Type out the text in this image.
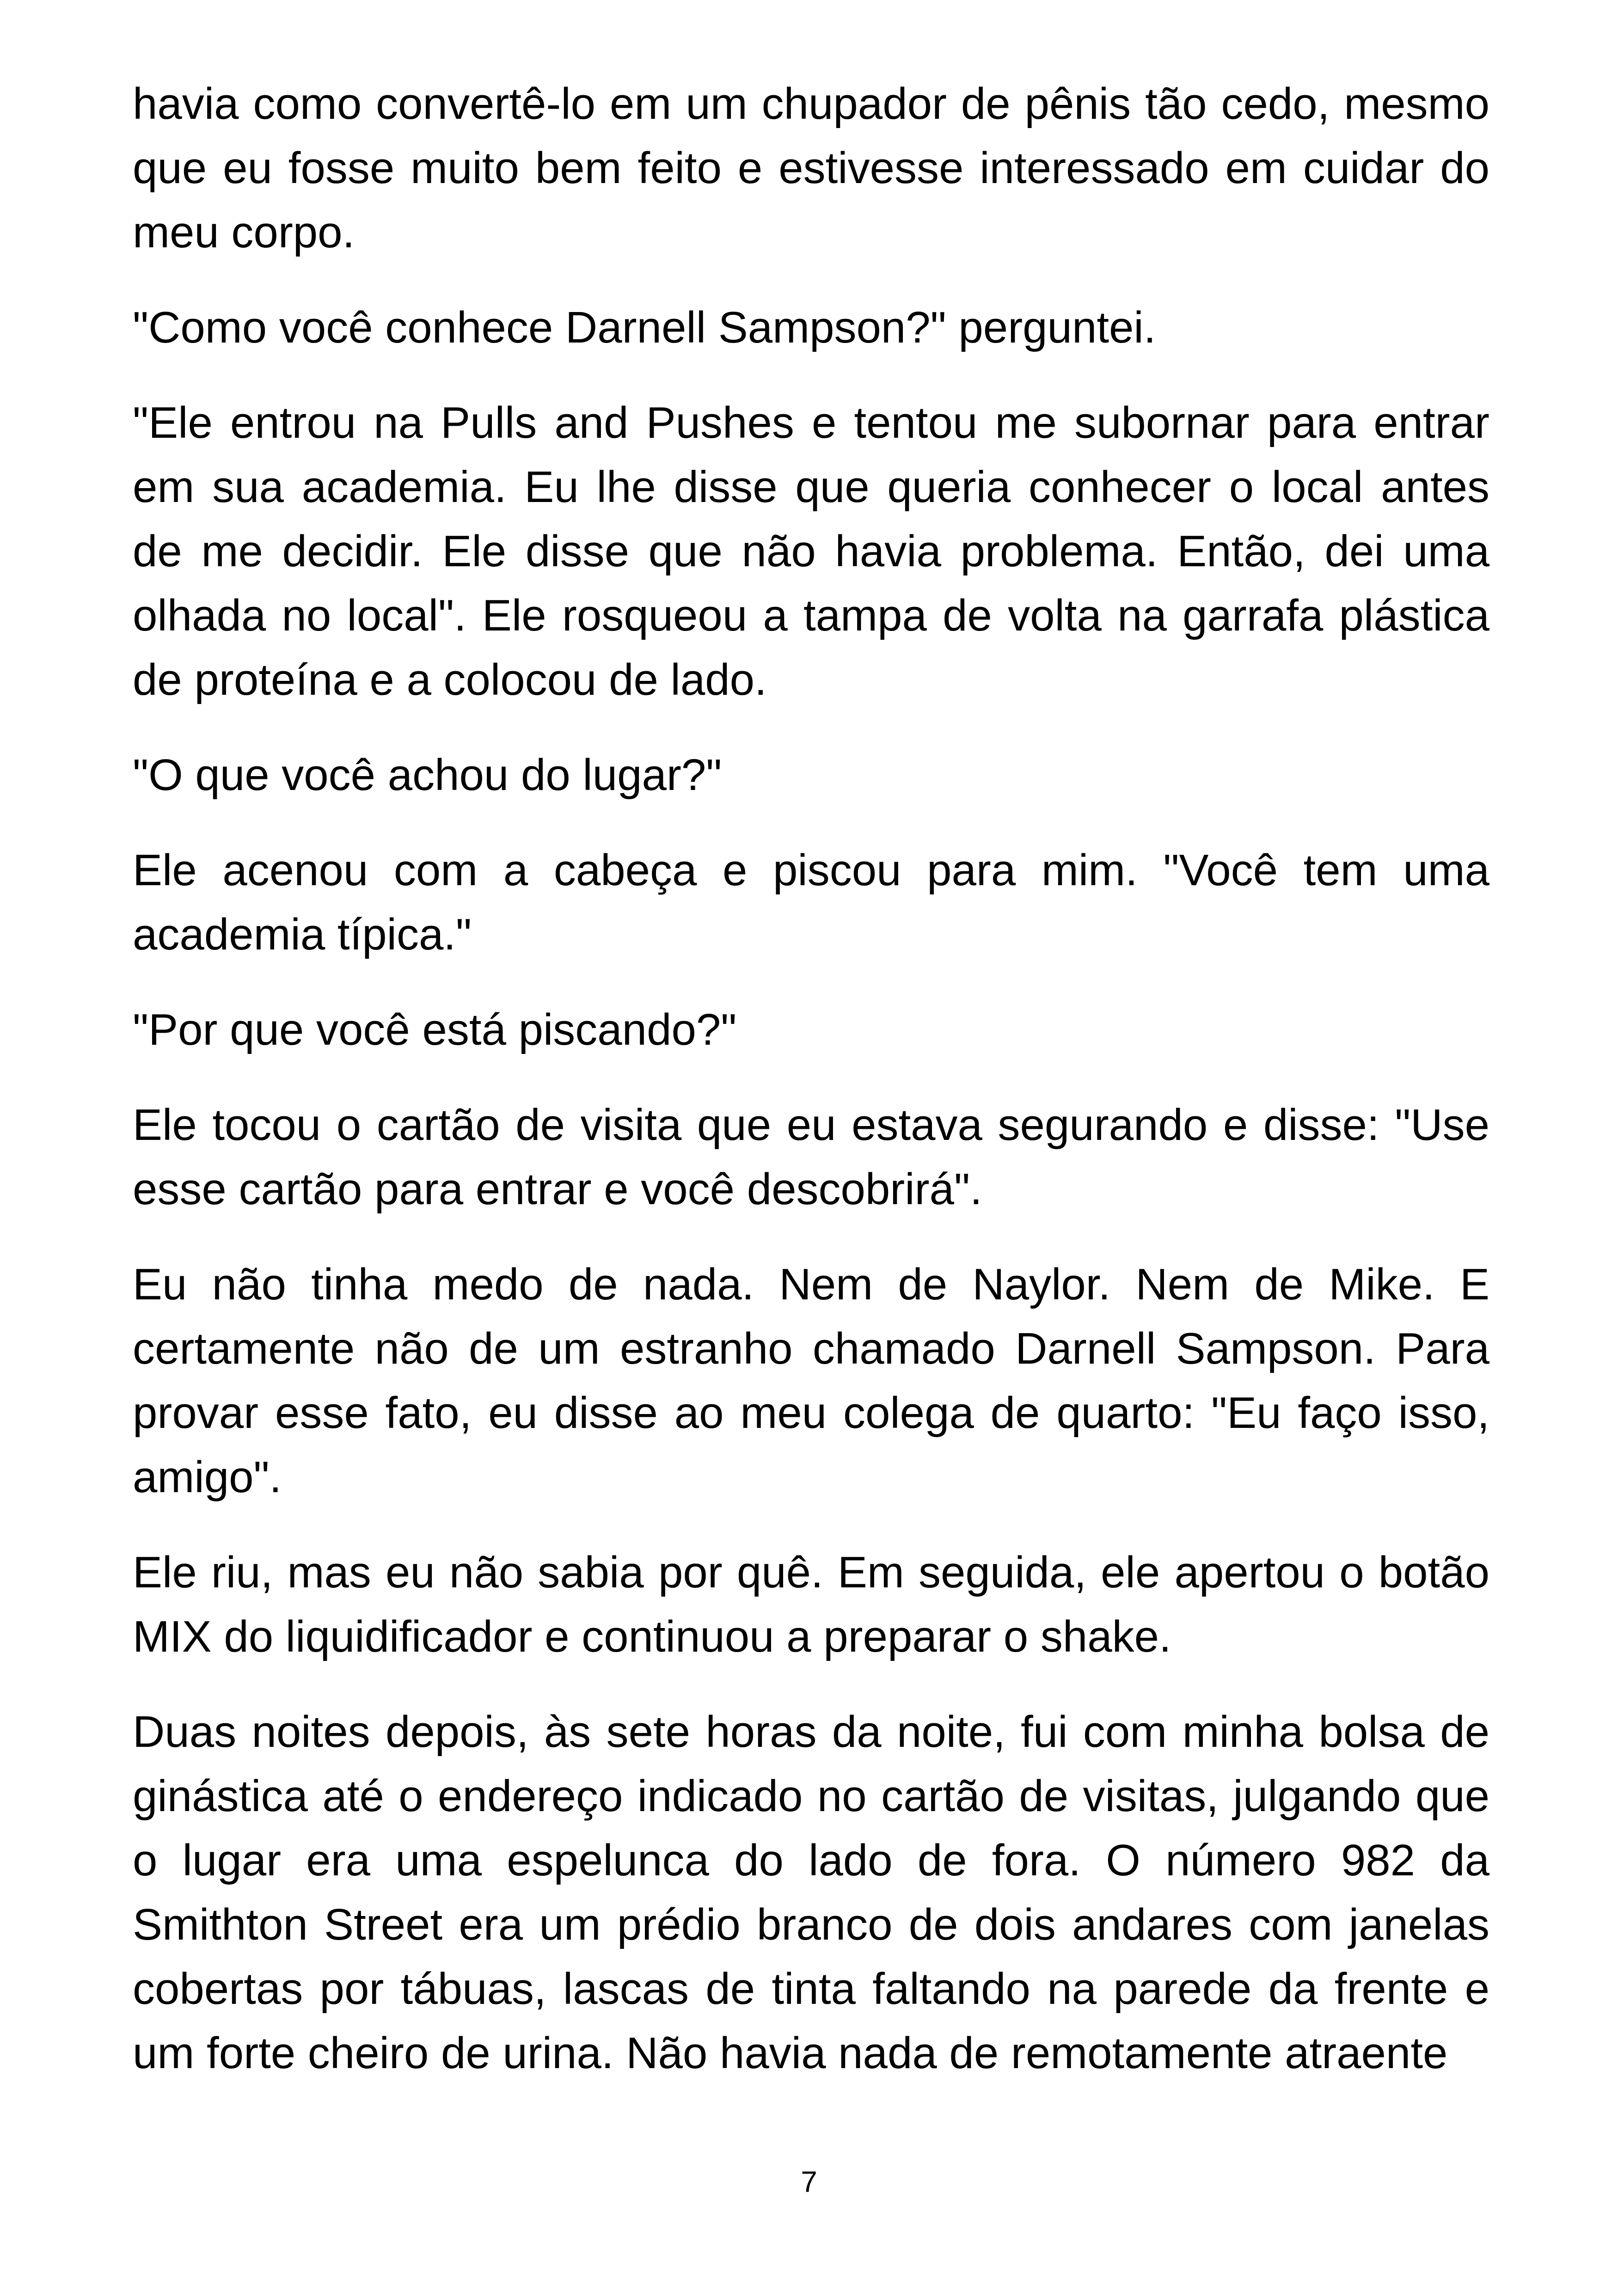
havia como convertê-lo em um chupador de pênis tão cedo, mesmo que eu fosse muito bem feito e estivesse interessado em cuidar do meu corpo.

"Como você conhece Darnell Sampson?" perguntei.

"Ele entrou na Pulls and Pushes e tentou me subornar para entrar em sua academia. Eu lhe disse que queria conhecer o local antes de me decidir. Ele disse que não havia problema. Então, dei uma olhada no local". Ele rosqueou a tampa de volta na garrafa plástica de proteína e a colocou de lado.

"O que você achou do lugar?"

Ele acenou com a cabeça e piscou para mim. "Você tem uma academia típica."

"Por que você está piscando?"

Ele tocou o cartão de visita que eu estava segurando e disse: "Use esse cartão para entrar e você descobrirá".

Eu não tinha medo de nada. Nem de Naylor. Nem de Mike. E certamente não de um estranho chamado Darnell Sampson. Para provar esse fato, eu disse ao meu colega de quarto: "Eu faço isso, amigo".

Ele riu, mas eu não sabia por quê. Em seguida, ele apertou o botão MIX do liquidificador e continuou a preparar o shake.

Duas noites depois, às sete horas da noite, fui com minha bolsa de ginástica até o endereço indicado no cartão de visitas, julgando que o lugar era uma espelunca do lado de fora. O número 982 da Smithton Street era um prédio branco de dois andares com janelas cobertas por tábuas, lascas de tinta faltando na parede da frente e um forte cheiro de urina. Não havia nada de remotamente atraente

7
